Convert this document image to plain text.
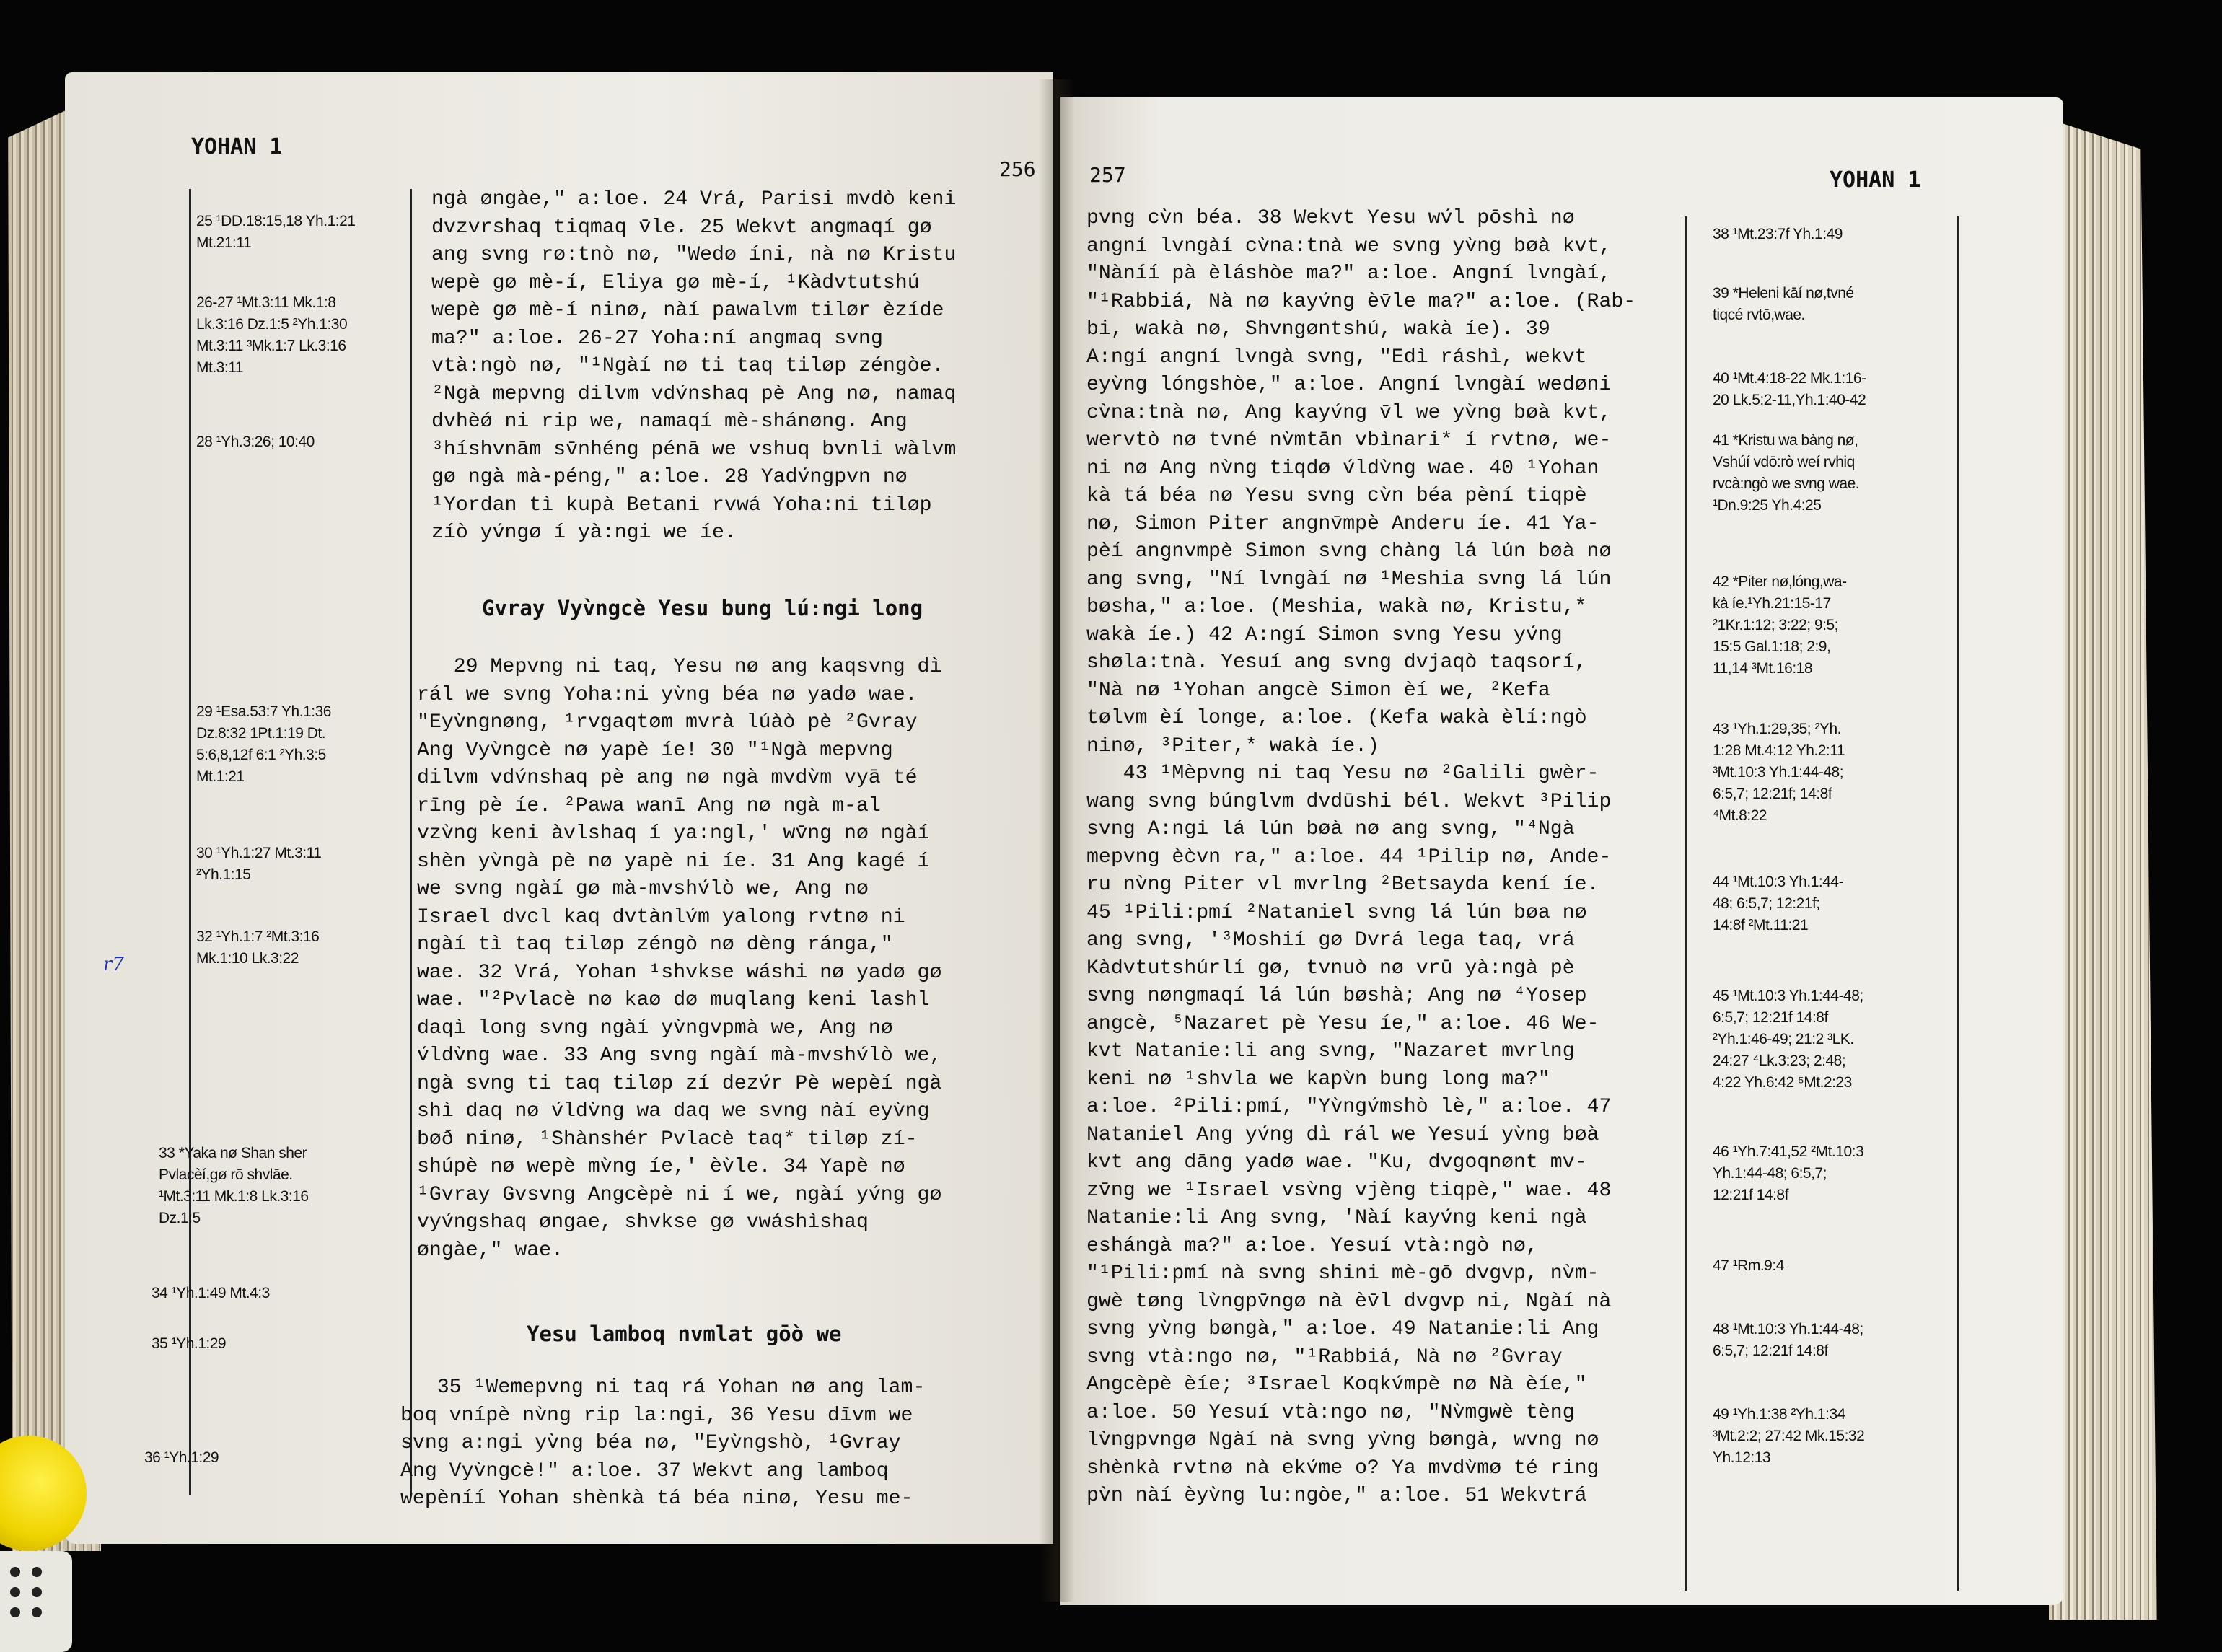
YOHAN 1
256
25 ¹DD.18:15,18 Yh.1:21
Mt.21:11
26-27 ¹Mt.3:11 Mk.1:8
Lk.3:16 Dz.1:5 ²Yh.1:30
Mt.3:11 ³Mk.1:7 Lk.3:16
Mt.3:11
28 ¹Yh.3:26; 10:40
29 ¹Esa.53:7 Yh.1:36
Dz.8:32 1Pt.1:19 Dt.
5:6,8,12f 6:1 ²Yh.3:5
Mt.1:21
30 ¹Yh.1:27 Mt.3:11
²Yh.1:15
32 ¹Yh.1:7 ²Mt.3:16
Mk.1:10 Lk.3:22
33 *Yaka nø Shan sher
Pvlacèí,gø rō shvlāe.
¹Mt.3:11 Mk.1:8 Lk.3:16
Dz.1:5
34 ¹Yh.1:49 Mt.4:3
35 ¹Yh.1:29
36 ¹Yh.1:29
r7
ngà øngàe," a:loe. 24 Vrá, Parisi mvdò keni
dvzvrshaq tiqmaq v̄le. 25 Wekvt angmaqí gø
ang svng rø:tnò nø, "Wedø íni, nà nø Kristu
wepè gø mè-í, Eliya gø mè-í, ¹Kàdvtutshú
wepè gø mè-í ninø, nàí pawalvm tilør èzíde
ma?" a:loe. 26-27 Yoha:ní angmaq svng
vtà:ngò nø, "¹Ngàí nø ti taq tiløp zéngòe.
²Ngà mepvng dilvm vdv́nshaq pè Ang nø, namaq
dvhèǿ ni rip we, namaqí mè-shánøng. Ang
³híshvnām sv̄nhéng pénā we vshuq bvnli wàlvm
gø ngà mà-péng," a:loe. 28 Yadv́ngpvn nø
¹Yordan tì kupà Betani rvwá Yoha:ni tiløp
zíò yv́ngø í yà:ngi we íe.
Gvray Vyv̀ngcè Yesu bung lú:ngi long
29 Mepvng ni taq, Yesu nø ang kaqsvng dì
rál we svng Yoha:ni yv̀ng béa nø yadø wae.
"Eyv̀ngnøng, ¹rvgaqtøm mvrà lúàò pè ²Gvray
Ang Vyv̀ngcè nø yapè íe! 30 "¹Ngà mepvng
dilvm vdv́nshaq pè ang nø ngà mvdv̀m vyā té
rīng pè íe. ²Pawa wanī Ang nø ngà m-al
vzv̀ng keni àvlshaq í ya:ngl,' wv̄ng nø ngàí
shèn yv̀ngà pè nø yapè ni íe. 31 Ang kagé í
we svng ngàí gø mà-mvshv́lò we, Ang nø
Israel dvcl kaq dvtànlv́m yalong rvtnø ni
ngàí tì taq tiløp zéngò nø dèng ránga,"
wae. 32 Vrá, Yohan ¹shvkse wáshi nø yadø gø
wae. "²Pvlacè nø kaø dø muqlang keni lashl
daqì long svng ngàí yv̀ngvpmà we, Ang nø
v́ldv̀ng wae. 33 Ang svng ngàí mà-mvshv́lò we,
ngà svng ti taq tiløp zí dezv́r Pè wepèí ngà
shì daq nø v́ldv̀ng wa daq we svng nàí eyv̀ng
bøð ninø, ¹Shànshér Pvlacè taq* tiløp zí-
shúpè nø wepè mv̀ng íe,' èv̀le. 34 Yapè nø
¹Gvray Gvsvng Angcèpè ni í we, ngàí yv́ng gø
vyv́ngshaq øngae, shvkse gø vwáshìshaq
øngàe," wae.
Yesu lamboq nvmlat gōò we
35 ¹Wemepvng ni taq rá Yohan nø ang lam-
boq vnípè nv̀ng rip la:ngi, 36 Yesu dīvm we
svng a:ngi yv̀ng béa nø, "Eyv̀ngshò, ¹Gvray
Ang Vyv̀ngcè!" a:loe. 37 Wekvt ang lamboq
wepèníí Yohan shènkà tá béa ninø, Yesu me-
257	YOHAN 1
pvng cv̀n béa. 38 Wekvt Yesu wv́l pōshì nø
angní lvngàí cv̀na:tnà we svng yv̀ng bøà kvt,
"Nàníí pà èláshòe ma?" a:loe. Angní lvngàí,
"¹Rabbiá, Nà nø kayv́ng èv̄le ma?" a:loe. (Rab-
bi, wakà nø, Shvngøntshú, wakà íe). 39
A:ngí angní lvngà svng, "Edì ráshì, wekvt
eyv̀ng lóngshòe," a:loe. Angní lvngàí wedøni
cv̀na:tnà nø, Ang kayv́ng v̄l we yv̀ng bøà kvt,
wervtò nø tvné nv̀mtān vbìnari* í rvtnø, we-
ni nø Ang nv̀ng tiqdø v́ldv̀ng wae. 40 ¹Yohan
kà tá béa nø Yesu svng cv̀n béa pèní tiqpè
nø, Simon Piter angnv̄mpè Anderu íe. 41 Ya-
pèí angnvmpè Simon svng chàng lá lún bøà nø
ang svng, "Ní lvngàí nø ¹Meshia svng lá lún
bøsha," a:loe. (Meshia, wakà nø, Kristu,*
wakà íe.) 42 A:ngí Simon svng Yesu yv́ng
shøla:tnà. Yesuí ang svng dvjaqò taqsorí,
"Nà nø ¹Yohan angcè Simon èí we, ²Kefa
tølvm èí longe, a:loe. (Kefa wakà èlí:ngò
ninø, ³Piter,* wakà íe.)
43 ¹Mèpvng ni taq Yesu nø ²Galili gwèr-
wang svng búnglvm dvdūshi bél. Wekvt ³Pilip
svng A:ngi lá lún bøà nø ang svng, "⁴Ngà
mepvng èc̀vn ra," a:loe. 44 ¹Pilip nø, Ande-
ru nv̀ng Piter vl mvrlng ²Betsayda kení íe.
45 ¹Pili:pmí ²Nataniel svng lá lún bøa nø
ang svng, '³Moshií gø Dvrá lega taq, vrá
Kàdvtutshúrlí gø, tvnuò nø vrū yà:ngà pè
svng nøngmaqí lá lún bøshà; Ang nø ⁴Yosep
angcè, ⁵Nazaret pè Yesu íe," a:loe. 46 We-
kvt Natanie:li ang svng, "Nazaret mvrlng
keni nø ¹shvla we kapv̀n bung long ma?"
a:loe. ²Pili:pmí, "Yv̀ngv́mshò lè," a:loe. 47
Nataniel Ang yv́ng dì rál we Yesuí yv̀ng bøà
kvt ang dāng yadø wae. "Ku, dvgoqnønt mv-
zv̄ng we ¹Israel vsv̀ng vjèng tiqpè," wae. 48
Natanie:li Ang svng, 'Nàí kayv́ng keni ngà
eshángà ma?" a:loe. Yesuí vtà:ngò nø,
"¹Pili:pmí nà svng shini mè-gō dvgvp, nv̀m-
gwè tøng lv̀ngpv̄ngø nà èv̄l dvgvp ni, Ngàí nà
svng yv̀ng bøngà," a:loe. 49 Natanie:li Ang
svng vtà:ngo nø, "¹Rabbiá, Nà nø ²Gvray
Angcèpè èíe; ³Israel Koqkv́mpè nø Nà èíe,"
a:loe. 50 Yesuí vtà:ngo nø, "Nv̀mgwè tèng
lv̀ngpvngø Ngàí nà svng yv̀ng bøngà, wvng nø
shènkà rvtnø nà ekv́me o? Ya mvdv̀mø té ring
pv̀n nàí èyv̀ng lu:ngòe," a:loe. 51 Wekvtrá
38 ¹Mt.23:7f Yh.1:49
39 *Heleni kāí nø,tvné
tiqcé rvtō,wae.
40 ¹Mt.4:18-22 Mk.1:16-
20 Lk.5:2-11,Yh.1:40-42
41 *Kristu wa bàng nø,
Vshúí vdō:rò weí rvhiq
rvcà:ngò we svng wae.
¹Dn.9:25 Yh.4:25
42 *Piter nø,lóng,wa-
kà íe.¹Yh.21:15-17
²1Kr.1:12; 3:22; 9:5;
15:5 Gal.1:18; 2:9,
11,14 ³Mt.16:18
43 ¹Yh.1:29,35; ²Yh.
1:28 Mt.4:12 Yh.2:11
³Mt.10:3 Yh.1:44-48;
6:5,7; 12:21f; 14:8f
⁴Mt.8:22
44 ¹Mt.10:3 Yh.1:44-
48; 6:5,7; 12:21f;
14:8f ²Mt.11:21
45 ¹Mt.10:3 Yh.1:44-48;
6:5,7; 12:21f 14:8f
²Yh.1:46-49; 21:2 ³LK.
24:27 ⁴Lk.3:23; 2:48;
4:22 Yh.6:42 ⁵Mt.2:23
46 ¹Yh.7:41,52 ²Mt.10:3
Yh.1:44-48; 6:5,7;
12:21f 14:8f
47 ¹Rm.9:4
48 ¹Mt.10:3 Yh.1:44-48;
6:5,7; 12:21f 14:8f
49 ¹Yh.1:38 ²Yh.1:34
³Mt.2:2; 27:42 Mk.15:32
Yh.12:13
